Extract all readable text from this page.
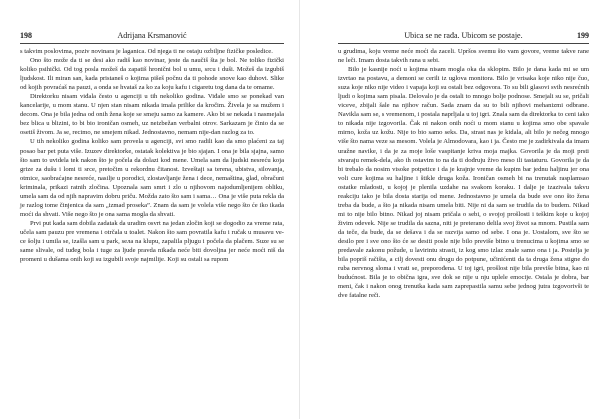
198	Adrijana Krsmanović

s takvim poslovima, poziv novinara je laganica. Od njega ti ne ostaju ozbiljne fizičke posledice.

Ono što može da ti se desi ako radiš kao novinar, jeste da naučiš šta je bol. Ne toliko fizički koliko psihički. Od tog posla možeš da zapatiš hronični bol u umu, srcu i duši. Možeš da izgubiš ljudskost. Ili miran san, kada pristaneš o kojima pišeš počnu da ti pohode snove kao duhovi. Slike od kojih povraćaš na pauzi, a onda se hvataš za ko za koju kafu i cigaretu tog dana da te omame.

Direktorku nisam viđala često u agenciji u tih nekoliko godina. Viđale smo se ponekad van kancelarije, u mom stanu. U njen stan nisam nikada imala prilike da kročim. Živela je sa mužem i decom. Ona je bila jedna od onih žena koje se smeju samo za kamere. Ako bi se nekada i nasmejala bez blica u blizini, to bi bio ironičan osmeh, uz neizbežan verbalni otrov. Sarkazam je činio da se osetiš živom. Ja se, recimo, ne smejem nikad. Jednostavno, nemam nije-dan razlog za to.

U tih nekoliko godina koliko sam provela u agenciji, svi smo radili kao da smo plaćeni za taj posao bar pet puta više. Izuzev direktorke, ostatak kolektiva je bio sjajan. I ona je bila sjajna, samo što sam to uvidela tek nakon što je počela da dolazi kod mene. Umela sam da ljudski nesreću koja grize za dušu i lomi ti srce, pretočim u rekordnu čitanost. Izveštaji sa terena, ubistva, silovanja, otmice, saobraćajne nesreće, nasilje u porodici, zlostavljanje žena i dece, nemaština, glad, obračuni kriminala, prikazi ratnih zločina. Upoznala sam smrt i zlo u njihovom najodumljenijem obliku, umela sam da od njih napravim dobru priču. Možda zato što sam i sama… Ona je više puta rekla da je razlog tome činjenica da sam „izmad prosekа”. Znam da sam je volela više nego što će ikо ikada moći da shvati. Više nego što je ona sama mogla da shvati.

Prvi put kada sam dobila zadatak da uradim osvrt na jedan zločin koji se dogodio za vreme rata, učela sam pauzu pre vremena i otrčala u toalet. Nakon što sam povratila kafu i ručak u musavu ve-ce šolju i umila se, izašla sam u park, seла na klupu, zapalila pljugu i počela da plačem. Suze su se same slivale, od tuđeg bola i tuge za ljude pravda nikada neće biti dovoljna jer neće moći niš da promeni u dušama onih koji su izgubili svoje najmilije. Koji su ostali sa rupom

Ubica se ne rađa. Ubicom se postaje.	199

u grudima, koju vreme neće moći da zaceli. Upršos svemu što vam govore, vreme takve rane ne leči. Imam dosta takvih rana u sebi.

Bilo je kasnije noći u kojima nisam mogla oka da sklopim. Bilo je dana kada mi se um izvrtao na postavu, a demoni se cerili iz uglova monitora. Bilo je vrisaka koje niko nije čuo, suza koje niko nije video i vapaja koji su ostali bez odgovora. To su bili glasovi svih nesrećnih ljudi o kojima sam pisala. Delovalo je da ostali to mnogo bolje podnose. Smejali su se, pričali viceve, zbijali šale na njihov račun. Sada znam da su to bili njihovi mehanizmi odbrane. Naviklа sam se, s vremenom, i postala naprljala u toj igri. Znala sam da direktorka to ceni iako to nikada nije izgovorila. Čak ni nakon onih noći u mom stanu u kojima smo obe spavale mirno, koža uz kožu. Nije to bio samo seks. Da, strast nas je kidala, ali bilo je nečeg mnogo više što nama veze sa mesom. Volela je Almodovara, kao i ja. Često me je zadirkivala da imam uražne navike, i da je za moje loše vaspitanje kriva moja majka. Govorila je da moji prsti stvaraju remek-dela, ako ih ostavim to na da ti dođruju živo meso ili tastaturu. Govorila je da bi trebalo da nosim visoke potpetice i da je krajnje vreme da kupim bar jednu haljinu jer ona voli cure kojima su haljine i štikle druga koža. Ironičan osmeh bi na trenutak rasplamsao ostatke mladosti, u kojoj je plenila uzdahe na svakom koraku. I dalje je izazivala takvu reakciju iako je bila dosta starija od mene. Jednostavno je umela da bude sve ono što žena treba da bude, a što ja nikada nisam umela biti. Nije ni da sam se trudila da to budem. Nikad mi to nije bilo bitno. Nikad joj nisam pričala o sebi, o svojoj prošlosti i teškim koje u kojoj živim odevek. Nije se trudila da sazna, niti je preterano delila svoj život sa mnom. Pustila sam da teče, da bude, da se dešava i da se razvija samo od sebe. I ona je. Uostalom, sve što se desilo pre i sve ono što će se desiti posle nije bilo previše bitno u trenucima u kojima smo se predavale zakonu požude, u lavirintu strasti, iz kog smo izlaz znale samo ona i ja. Postelja je bila popriš račišta, a cilj dovesti onu drugu do potpune, učinićenti da ta druga žena stigne do ruba nervnog sloma i vrati se, preporođena. U toj igri, prošlost nije bila previše bitna, kao ni budućnost. Bila je to običnа igra, sve dok se nije u nju uplele emocije. Ostala je dobra, bar meni, čak i nakon onog trenutka kada sam zaprepastila samu sebe jednog jutra izgovorivši te dve fatalne reči.
